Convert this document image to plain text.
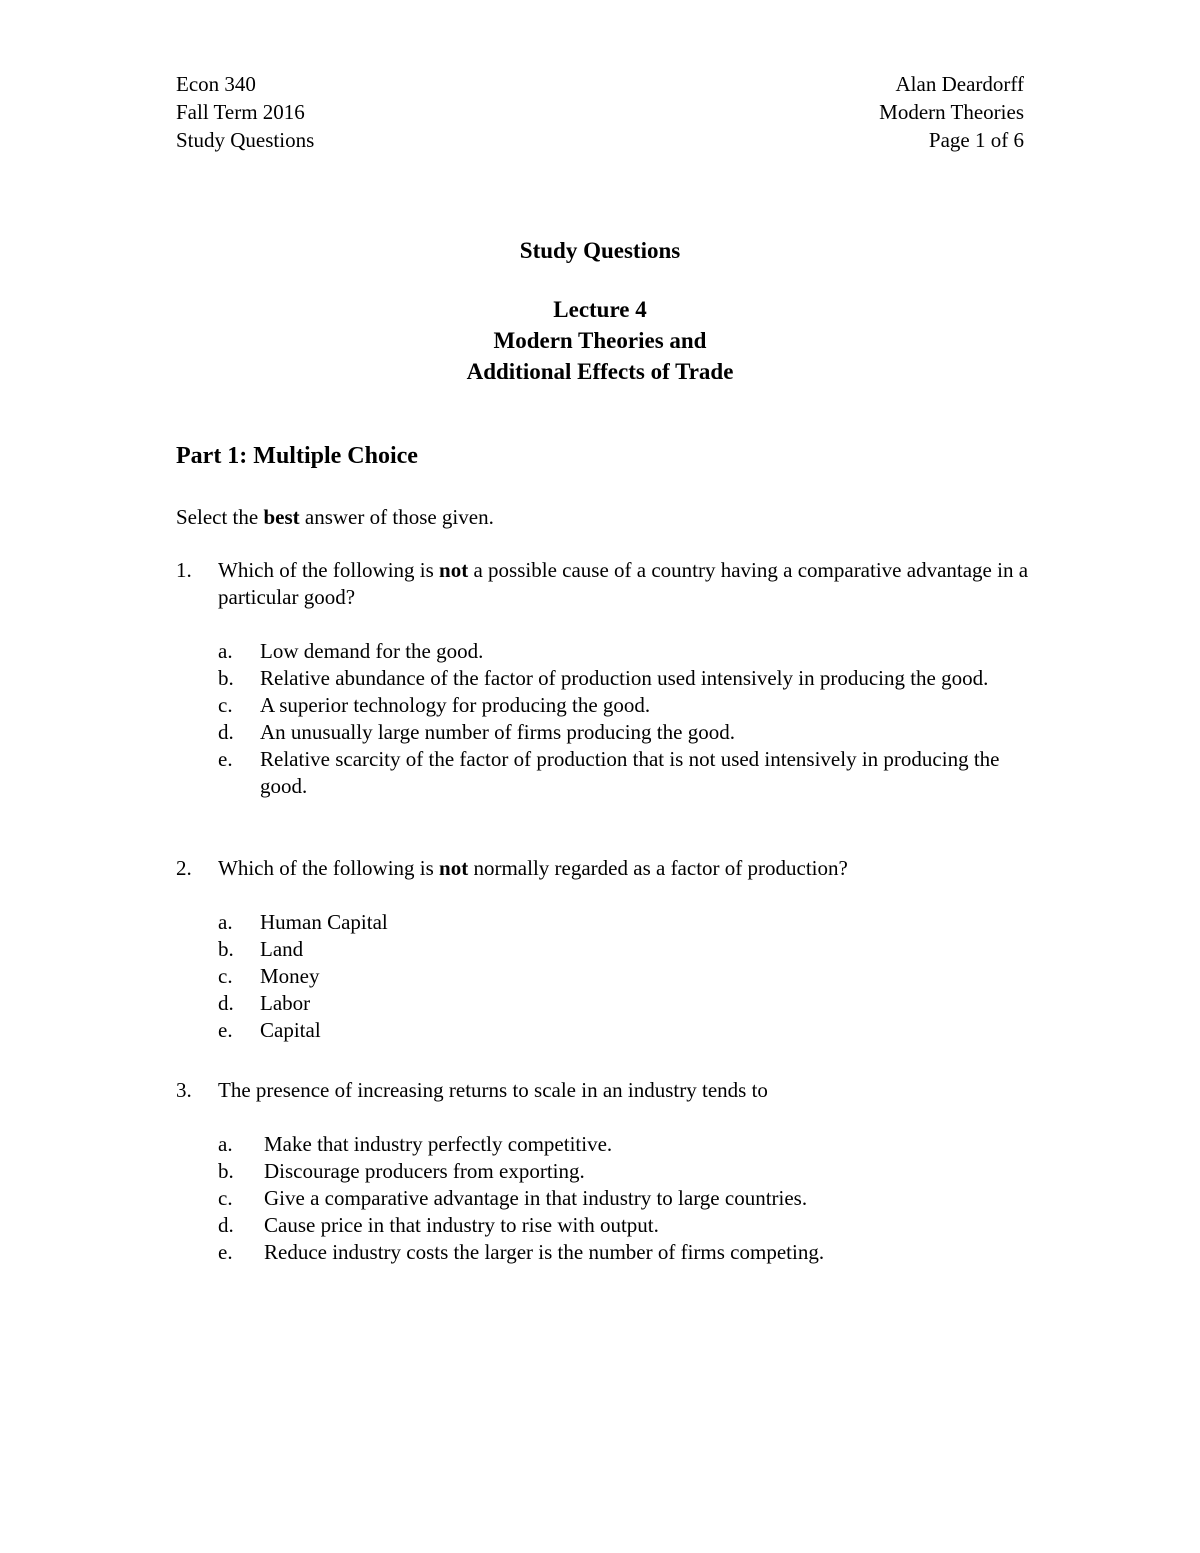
Econ 340
Fall Term 2016
Study Questions
Alan Deardorff
Modern Theories
Page 1 of 6
Study Questions
Lecture 4
Modern Theories and
Additional Effects of Trade
Part 1: Multiple Choice
Select the best answer of those given.
1.	Which of the following is not a possible cause of a country having a comparative advantage in a particular good?
a.	Low demand for the good.
b.	Relative abundance of the factor of production used intensively in producing the good.
c.	A superior technology for producing the good.
d.	An unusually large number of firms producing the good.
e.	Relative scarcity of the factor of production that is not used intensively in producing the good.
2.	Which of the following is not normally regarded as a factor of production?
a.	Human Capital
b.	Land
c.	Money
d.	Labor
e.	Capital
3.	The presence of increasing returns to scale in an industry tends to
a.	Make that industry perfectly competitive.
b.	Discourage producers from exporting.
c.	Give a comparative advantage in that industry to large countries.
d.	Cause price in that industry to rise with output.
e.	Reduce industry costs the larger is the number of firms competing.
